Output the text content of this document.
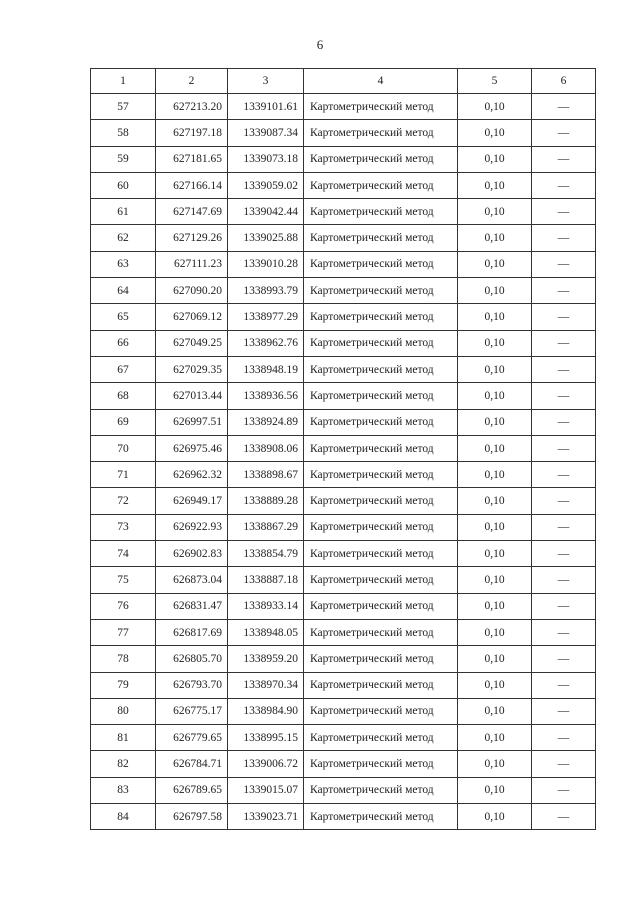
6
1	2	3	4	5	6
57	627213.20	1339101.61	Картометрический метод	0,10	—
58	627197.18	1339087.34	Картометрический метод	0,10	—
59	627181.65	1339073.18	Картометрический метод	0,10	—
60	627166.14	1339059.02	Картометрический метод	0,10	—
61	627147.69	1339042.44	Картометрический метод	0,10	—
62	627129.26	1339025.88	Картометрический метод	0,10	—
63	627111.23	1339010.28	Картометрический метод	0,10	—
64	627090.20	1338993.79	Картометрический метод	0,10	—
65	627069.12	1338977.29	Картометрический метод	0,10	—
66	627049.25	1338962.76	Картометрический метод	0,10	—
67	627029.35	1338948.19	Картометрический метод	0,10	—
68	627013.44	1338936.56	Картометрический метод	0,10	—
69	626997.51	1338924.89	Картометрический метод	0,10	—
70	626975.46	1338908.06	Картометрический метод	0,10	—
71	626962.32	1338898.67	Картометрический метод	0,10	—
72	626949.17	1338889.28	Картометрический метод	0,10	—
73	626922.93	1338867.29	Картометрический метод	0,10	—
74	626902.83	1338854.79	Картометрический метод	0,10	—
75	626873.04	1338887.18	Картометрический метод	0,10	—
76	626831.47	1338933.14	Картометрический метод	0,10	—
77	626817.69	1338948.05	Картометрический метод	0,10	—
78	626805.70	1338959.20	Картометрический метод	0,10	—
79	626793.70	1338970.34	Картометрический метод	0,10	—
80	626775.17	1338984.90	Картометрический метод	0,10	—
81	626779.65	1338995.15	Картометрический метод	0,10	—
82	626784.71	1339006.72	Картометрический метод	0,10	—
83	626789.65	1339015.07	Картометрический метод	0,10	—
84	626797.58	1339023.71	Картометрический метод	0,10	—
